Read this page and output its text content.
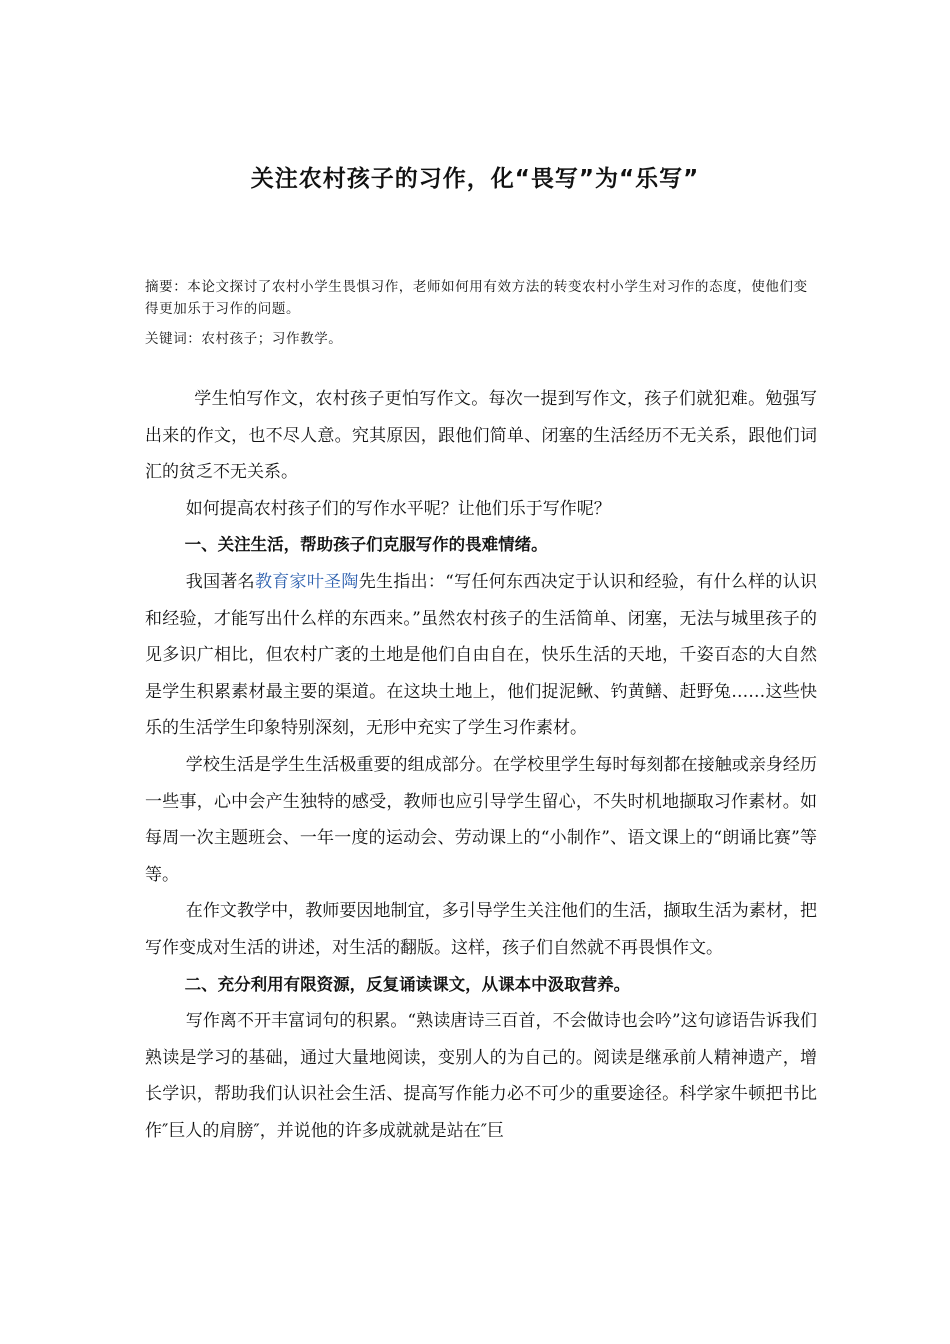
关注农村孩子的习作，化“畏写”为“乐写”
摘要：本论文探讨了农村小学生畏惧习作，老师如何用有效方法的转变农村小学生对习作的态度，使他们变得更加乐于习作的问题。
关键词：农村孩子；习作教学。

学生怕写作文，农村孩子更怕写作文。每次一提到写作文，孩子们就犯难。勉强写出来的作文，也不尽人意。究其原因，跟他们简单、闭塞的生活经历不无关系，跟他们词汇的贫乏不无关系。

如何提高农村孩子们的写作水平呢？让他们乐于写作呢？

一、关注生活，帮助孩子们克服写作的畏难情绪。

我国著名教育家叶圣陶先生指出：“写任何东西决定于认识和经验，有什么样的认识和经验，才能写出什么样的东西来。”虽然农村孩子的生活简单、闭塞，无法与城里孩子的见多识广相比，但农村广袤的土地是他们自由自在，快乐生活的天地，千姿百态的大自然是学生积累素材最主要的渠道。在这块土地上，他们捉泥鳅、钓黄鳝、赶野兔……这些快乐的生活学生印象特别深刻，无形中充实了学生习作素材。

学校生活是学生生活极重要的组成部分。在学校里学生每时每刻都在接触或亲身经历一些事，心中会产生独特的感受，教师也应引导学生留心，不失时机地撷取习作素材。如每周一次主题班会、一年一度的运动会、劳动课上的“小制作”、语文课上的“朗诵比赛”等等。

在作文教学中，教师要因地制宜，多引导学生关注他们的生活，撷取生活为素材，把写作变成对生活的讲述，对生活的翻版。这样，孩子们自然就不再畏惧作文。

二、充分利用有限资源，反复诵读课文，从课本中汲取营养。

写作离不开丰富词句的积累。“熟读唐诗三百首，不会做诗也会吟”这句谚语告诉我们熟读是学习的基础，通过大量地阅读，变别人的为自己的。阅读是继承前人精神遗产，增长学识，帮助我们认识社会生活、提高写作能力必不可少的重要途径。科学家牛顿把书比作″巨人的肩膀″，并说他的许多成就就是站在″巨
